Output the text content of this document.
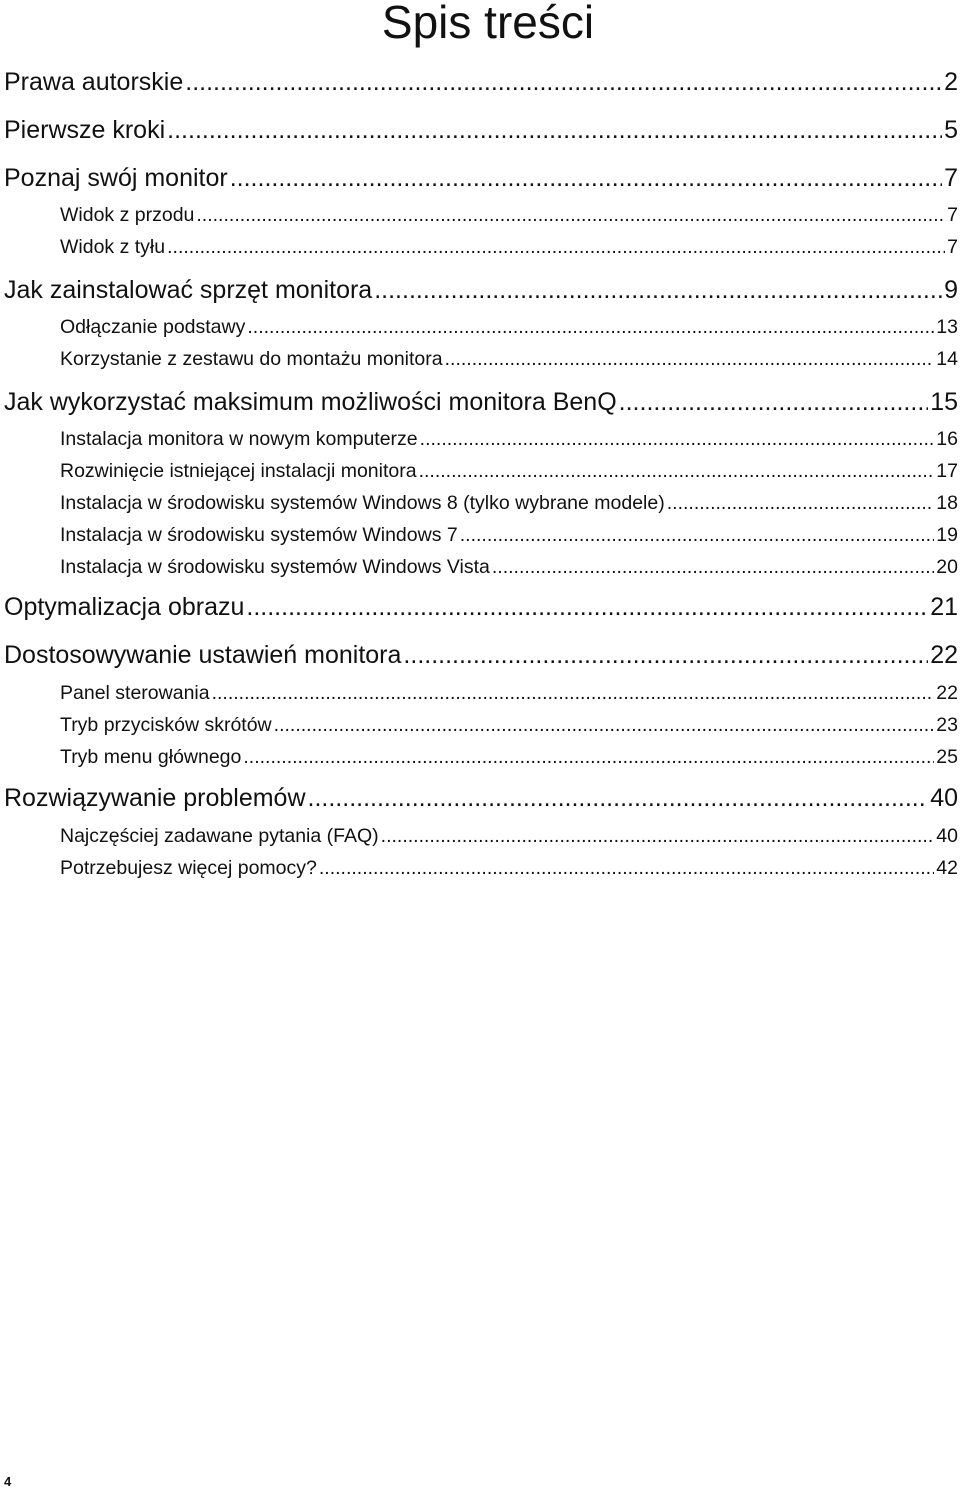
Spis treści
Prawa autorskie .....	2
Pierwsze kroki .....	5
Poznaj swój monitor .....	7
Widok z przodu .....	7
Widok z tyłu .....	7
Jak zainstalować sprzęt monitora .....	9
Odłączanie podstawy .....	13
Korzystanie z zestawu do montażu monitora .....	14
Jak wykorzystać maksimum możliwości monitora BenQ .....	15
Instalacja monitora w nowym komputerze .....	16
Rozwinięcie istniejącej instalacji monitora .....	17
Instalacja w środowisku systemów Windows 8 (tylko wybrane modele) .....	18
Instalacja w środowisku systemów Windows 7 .....	19
Instalacja w środowisku systemów Windows Vista .....	20
Optymalizacja obrazu .....	21
Dostosowywanie ustawień monitora .....	22
Panel sterowania .....	22
Tryb przycisków skrótów .....	23
Tryb menu głównego .....	25
Rozwiązywanie problemów .....	40
Najczęściej zadawane pytania (FAQ) .....	40
Potrzebujesz więcej pomocy? .....	42
4
